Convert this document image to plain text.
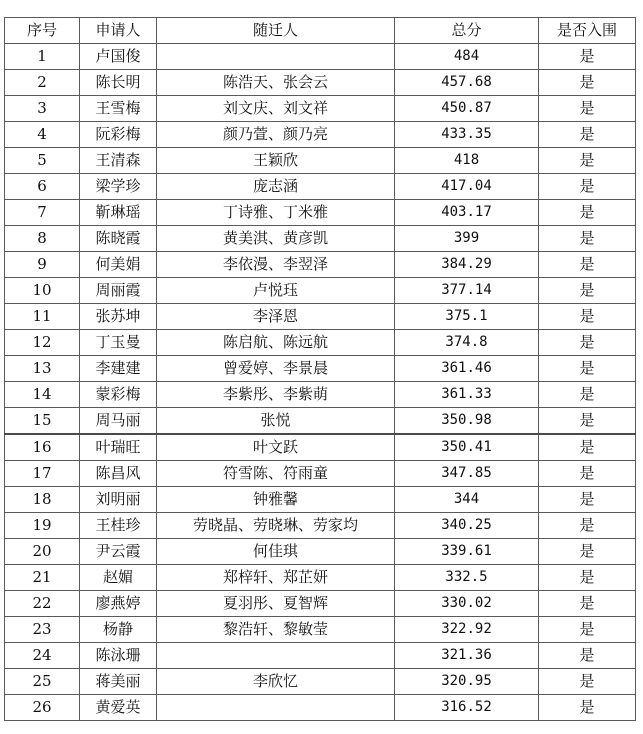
序号	申请人	随迁人	总分	是否入围
1	卢国俊		484	是
2	陈长明	陈浩天、张会云	457.68	是
3	王雪梅	刘文庆、刘文祥	450.87	是
4	阮彩梅	颜乃萱、颜乃亮	433.35	是
5	王清森	王颖欣	418	是
6	梁学珍	庞志涵	417.04	是
7	靳琳瑶	丁诗雅、丁米雅	403.17	是
8	陈晓霞	黄美淇、黄彦凯	399	是
9	何美娟	李依漫、李翌泽	384.29	是
10	周丽霞	卢悦珏	377.14	是
11	张苏坤	李泽恩	375.1	是
12	丁玉曼	陈启航、陈远航	374.8	是
13	李建建	曾爱婷、李景晨	361.46	是
14	蒙彩梅	李紫彤、李紫萌	361.33	是
15	周马丽	张悦	350.98	是
16	叶瑞旺	叶文跃	350.41	是
17	陈昌风	符雪陈、符雨童	347.85	是
18	刘明丽	钟雅馨	344	是
19	王桂珍	劳晓晶、劳晓琳、劳家均	340.25	是
20	尹云霞	何佳琪	339.61	是
21	赵媚	郑梓轩、郑芷妍	332.5	是
22	廖燕婷	夏羽彤、夏智辉	330.02	是
23	杨静	黎浩轩、黎敏莹	322.92	是
24	陈泳珊		321.36	是
25	蒋美丽	李欣忆	320.95	是
26	黄爱英		316.52	是
